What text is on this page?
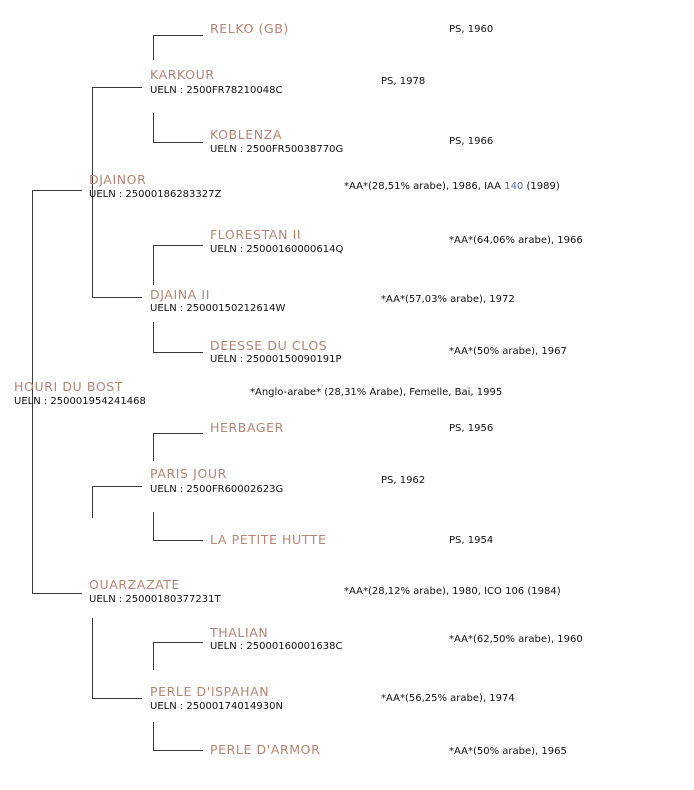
RELKO (GB)	PS, 1960
KARKOUR
UELN : 2500FR78210048C
PS, 1978
KOBLENZA
UELN : 2500FR50038770G
PS, 1966
DJAINOR
UELN : 25000186283327Z
*AA*(28,51% arabe), 1986, IAA 140 (1989)
FLORESTAN II
UELN : 25000160000614Q
*AA*(64,06% arabe), 1966
DJAINA II
UELN : 25000150212614W
*AA*(57,03% arabe), 1972
DEESSE DU CLOS
UELN : 25000150090191P
*AA*(50% arabe), 1967
HOURI DU BOST
UELN : 250001954241468
*Anglo-arabe* (28,31% Arabe), Femelle, Bai, 1995
HERBAGER	PS, 1956
PARIS JOUR
UELN : 2500FR60002623G
PS, 1962
LA PETITE HUTTE	PS, 1954
OUARZAZATE
UELN : 25000180377231T
*AA*(28,12% arabe), 1980, ICO 106 (1984)
THALIAN
UELN : 25000160001638C
*AA*(62,50% arabe), 1960
PERLE D'ISPAHAN
UELN : 25000174014930N
*AA*(56,25% arabe), 1974
PERLE D'ARMOR	*AA*(50% arabe), 1965
